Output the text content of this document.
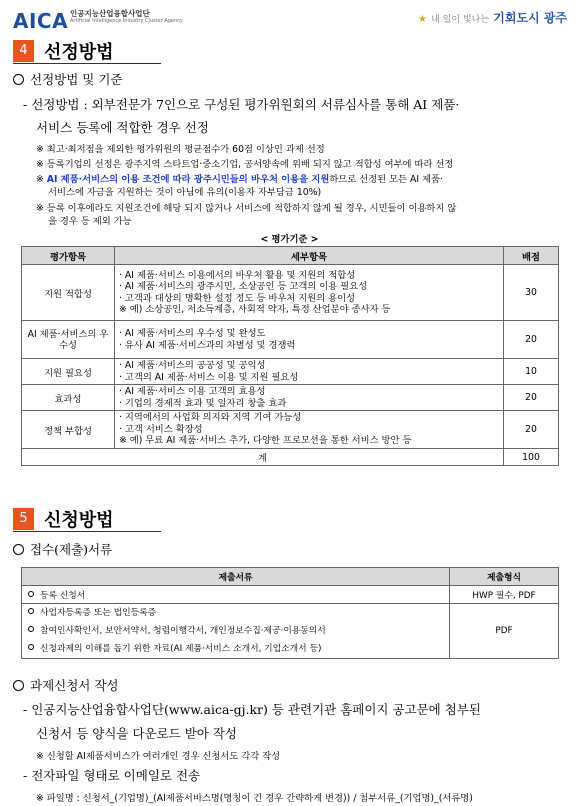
AICA 인공지능산업융합사업단
Artificial Intelligence Industry Cluster Agency	★ 내 일이 빛나는 기회도시 광주
4 선정방법
선정방법 및 기준
- 선정방법 : 외부전문가 7인으로 구성된 평가위원회의 서류심사를 통해 AI 제품·
서비스 등록에 적합한 경우 선정
※ 최고·최저점을 제외한 평가위원의 평균점수가 60점 이상인 과제 선정
※ 등록기업의 선정은 광주지역 스타트업·중소기업, 공서양속에 위배 되지 않고 적합성 여부에 따라 선정
※ AI 제품·서비스의 이용 조건에 따라 광주시민들의 바우처 이용을 지원하므로 선정된 모든 AI 제품·
서비스에 자금을 지원하는 것이 아님에 유의(이용자 자부담금 10%)
※ 등록 이후에라도 지원조건에 해당 되지 않거나 서비스에 적합하지 않게 될 경우, 시민들이 이용하지 않
을 경우 등 제외 가능
< 평가기준 >
평가항목	세부항목	배점
지원 적합성	· AI 제품·서비스 이용에서의 바우처 활용 및 지원의 적합성
· AI 제품·서비스의 광주시민, 소상공인 등 고객의 이용 필요성
· 고객과 대상의 명확한 설정 정도 등 바우처 지원의 용이성
※ 예) 소상공인, 저소득계층, 사회적 약자, 특정 산업분야 종사자 등	30
AI 제품·서비스의 우수성	· AI 제품·서비스의 우수성 및 완성도
· 유사 AI 제품·서비스과의 차별성 및 경쟁력	20
지원 필요성	· AI 제품·서비스의 공공성 및 공익성
· 고객의 AI 제품·서비스 이용 및 지원 필요성	10
효과성	· AI 제품·서비스 이용 고객의 효용성
· 기업의 경제적 효과 및 일자리 창출 효과	20
정책 부합성	· 지역에서의 사업화 의지와 지역 기여 가능성
· 고객 서비스 확장성
※ 예) 무료 AI 제품·서비스 추가, 다양한 프로모션을 통한 서비스 방안 등	20
계		100
5 신청방법
접수(제출)서류
제출서류	제출형식
등록 신청서	HWP 필수, PDF

사업자등록증 또는 법인등록증
참여인사확인서, 보안서약서, 청렴이행각서, 개인정보수집·제공·이용동의서
신청과제의 이해를 돕기 위한 자료(AI 제품·서비스 소개서, 기업소개서 등)	PDF
과제신청서 작성
- 인공지능산업융합사업단(www.aica-gj.kr) 등 관련기관 홈페이지 공고문에 첨부된
신청서 등 양식을 다운로드 받아 작성
※ 신청할 AI제품서비스가 여러개인 경우 신청서도 각각 작성
- 전자파일 형태로 이메일로 전송
※ 파일명 : 신청서_(기업명)_(AI제품서비스명(명칭이 긴 경우 간략하게 변경)) / 첨부서류_(기업명)_(서류명)
